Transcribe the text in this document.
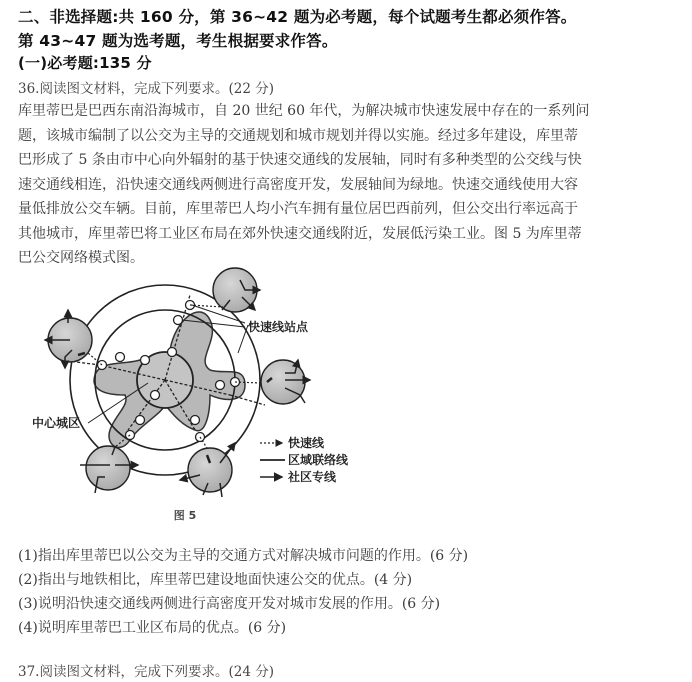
二、非选择题:共 160 分，第 36~42 题为必考题，每个试题考生都必须作答。
第 43~47 题为选考题，考生根据要求作答。
(一)必考题:135 分
36.阅读图文材料，完成下列要求。(22 分)
库里蒂巴是巴西东南沿海城市，自 20 世纪 60 年代，为解决城市快速发展中存在的一系列问
题，该城市编制了以公交为主导的交通规划和城市规划并得以实施。经过多年建设，库里蒂
巴形成了 5 条由市中心向外辐射的基于快速交通线的发展轴，同时有多种类型的公交线与快
速交通线相连，沿快速交通线两侧进行高密度开发，发展轴间为绿地。快速交通线使用大容
量低排放公交车辆。目前，库里蒂巴人均小汽车拥有量位居巴西前列，但公交出行率远高于
其他城市，库里蒂巴将工业区布局在郊外快速交通线附近，发展低污染工业。图 5 为库里蒂
巴公交网络模式图。
快速线站点
中心城区
快速线
区域联络线
社区专线
图 5
(1)指出库里蒂巴以公交为主导的交通方式对解决城市问题的作用。(6 分)
(2)指出与地铁相比，库里蒂巴建设地面快速公交的优点。(4 分)
(3)说明沿快速交通线两侧进行高密度开发对城市发展的作用。(6 分)
(4)说明库里蒂巴工业区布局的优点。(6 分)
37.阅读图文材料，完成下列要求。(24 分)
